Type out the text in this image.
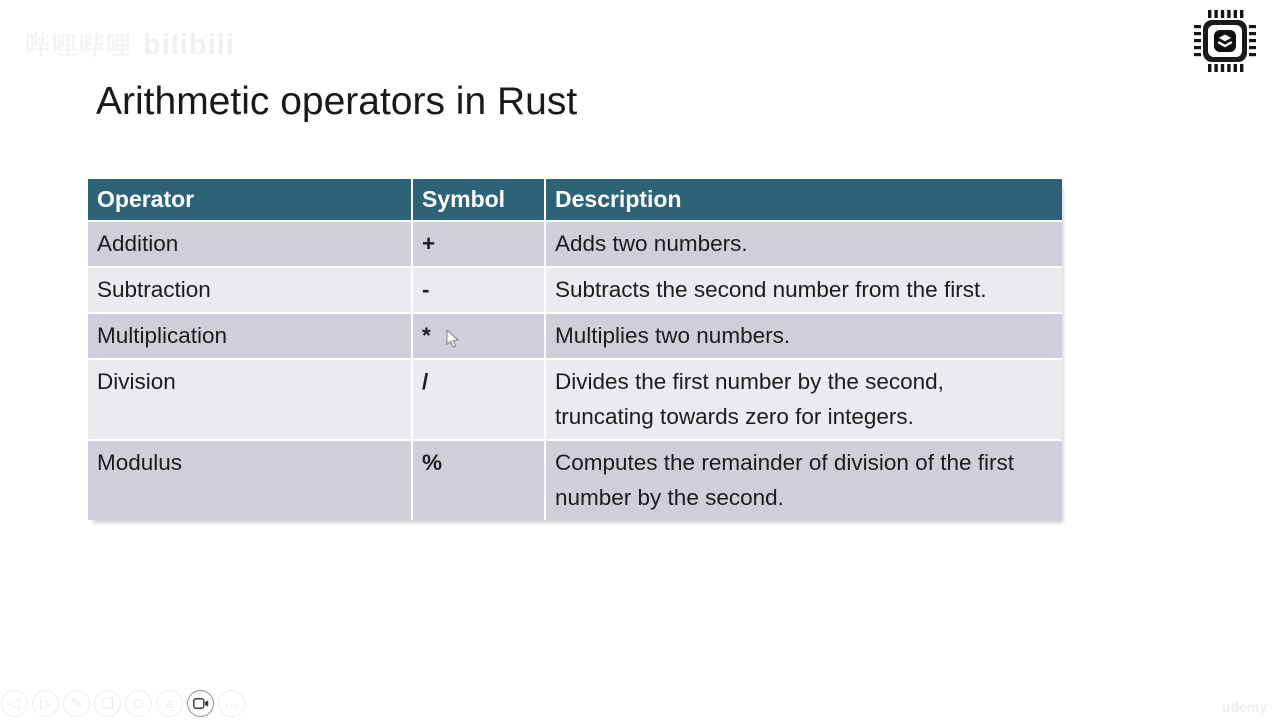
哔哩哔哩 bilibili
Arithmetic operators in Rust
Operator	Symbol	Description
Addition	+	Adds two numbers.
Subtraction	-	Subtracts the second number from the first.
Multiplication	*	Multiplies two numbers.
Division	/	Divides the first number by the second, truncating towards zero for integers.
Modulus	%	Computes the remainder of division of the first number by the second.
◁ ▷ ✎ ❏ ⊙ ≡	···	udemy
